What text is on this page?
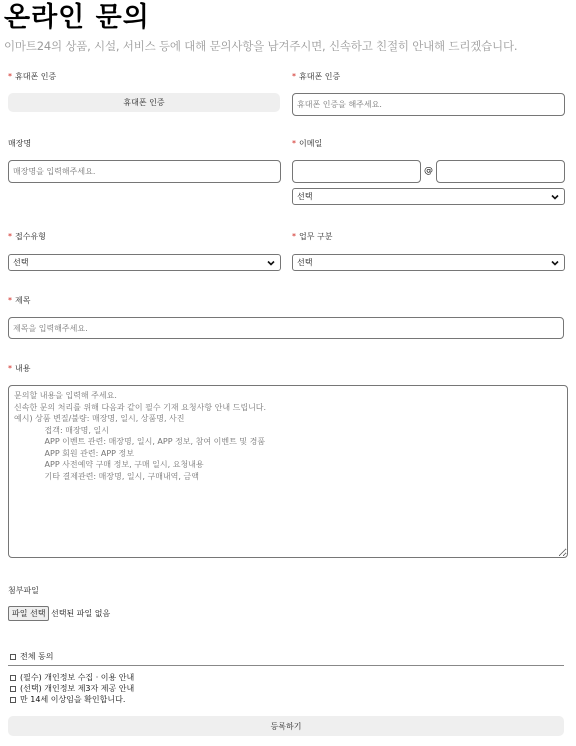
온라인 문의
이마트24의 상품, 시설, 서비스 등에 대해 문의사항을 남겨주시면, 신속하고 친절히 안내해 드리겠습니다.
* 휴대폰 인증
휴대폰 인증
* 휴대폰 인증
휴대폰 인증을 해주세요.
매장명
매장명을 입력해주세요.	* 이메일
@
선택
* 접수유형
선택
* 업무 구분
선택
* 제목
제목을 입력해주세요.
* 내용
문의할 내용을 입력해 주세요. 신속한 문의 처리를 위해 다음과 같이 필수 기재 요청사항 안내 드립니다. 예시) 상품 변질/불량: 매장명, 일시, 상품명, 사진 접객: 매장명, 일시 APP 이벤트 관련: 매장명, 일시, APP 정보, 참여 이벤트 및 경품 APP 회원 관련: APP 정보 APP 사전예약 구매 정보, 구매 일시, 요청내용 기타 결제관련: 매장명, 일시, 구매내역, 금액
첨부파일
파일 선택 선택된 파일 없음
전체 동의
(필수) 개인정보 수집 · 이용 안내
(선택) 개인정보 제3자 제공 안내
만 14세 이상임을 확인합니다.
등록하기
